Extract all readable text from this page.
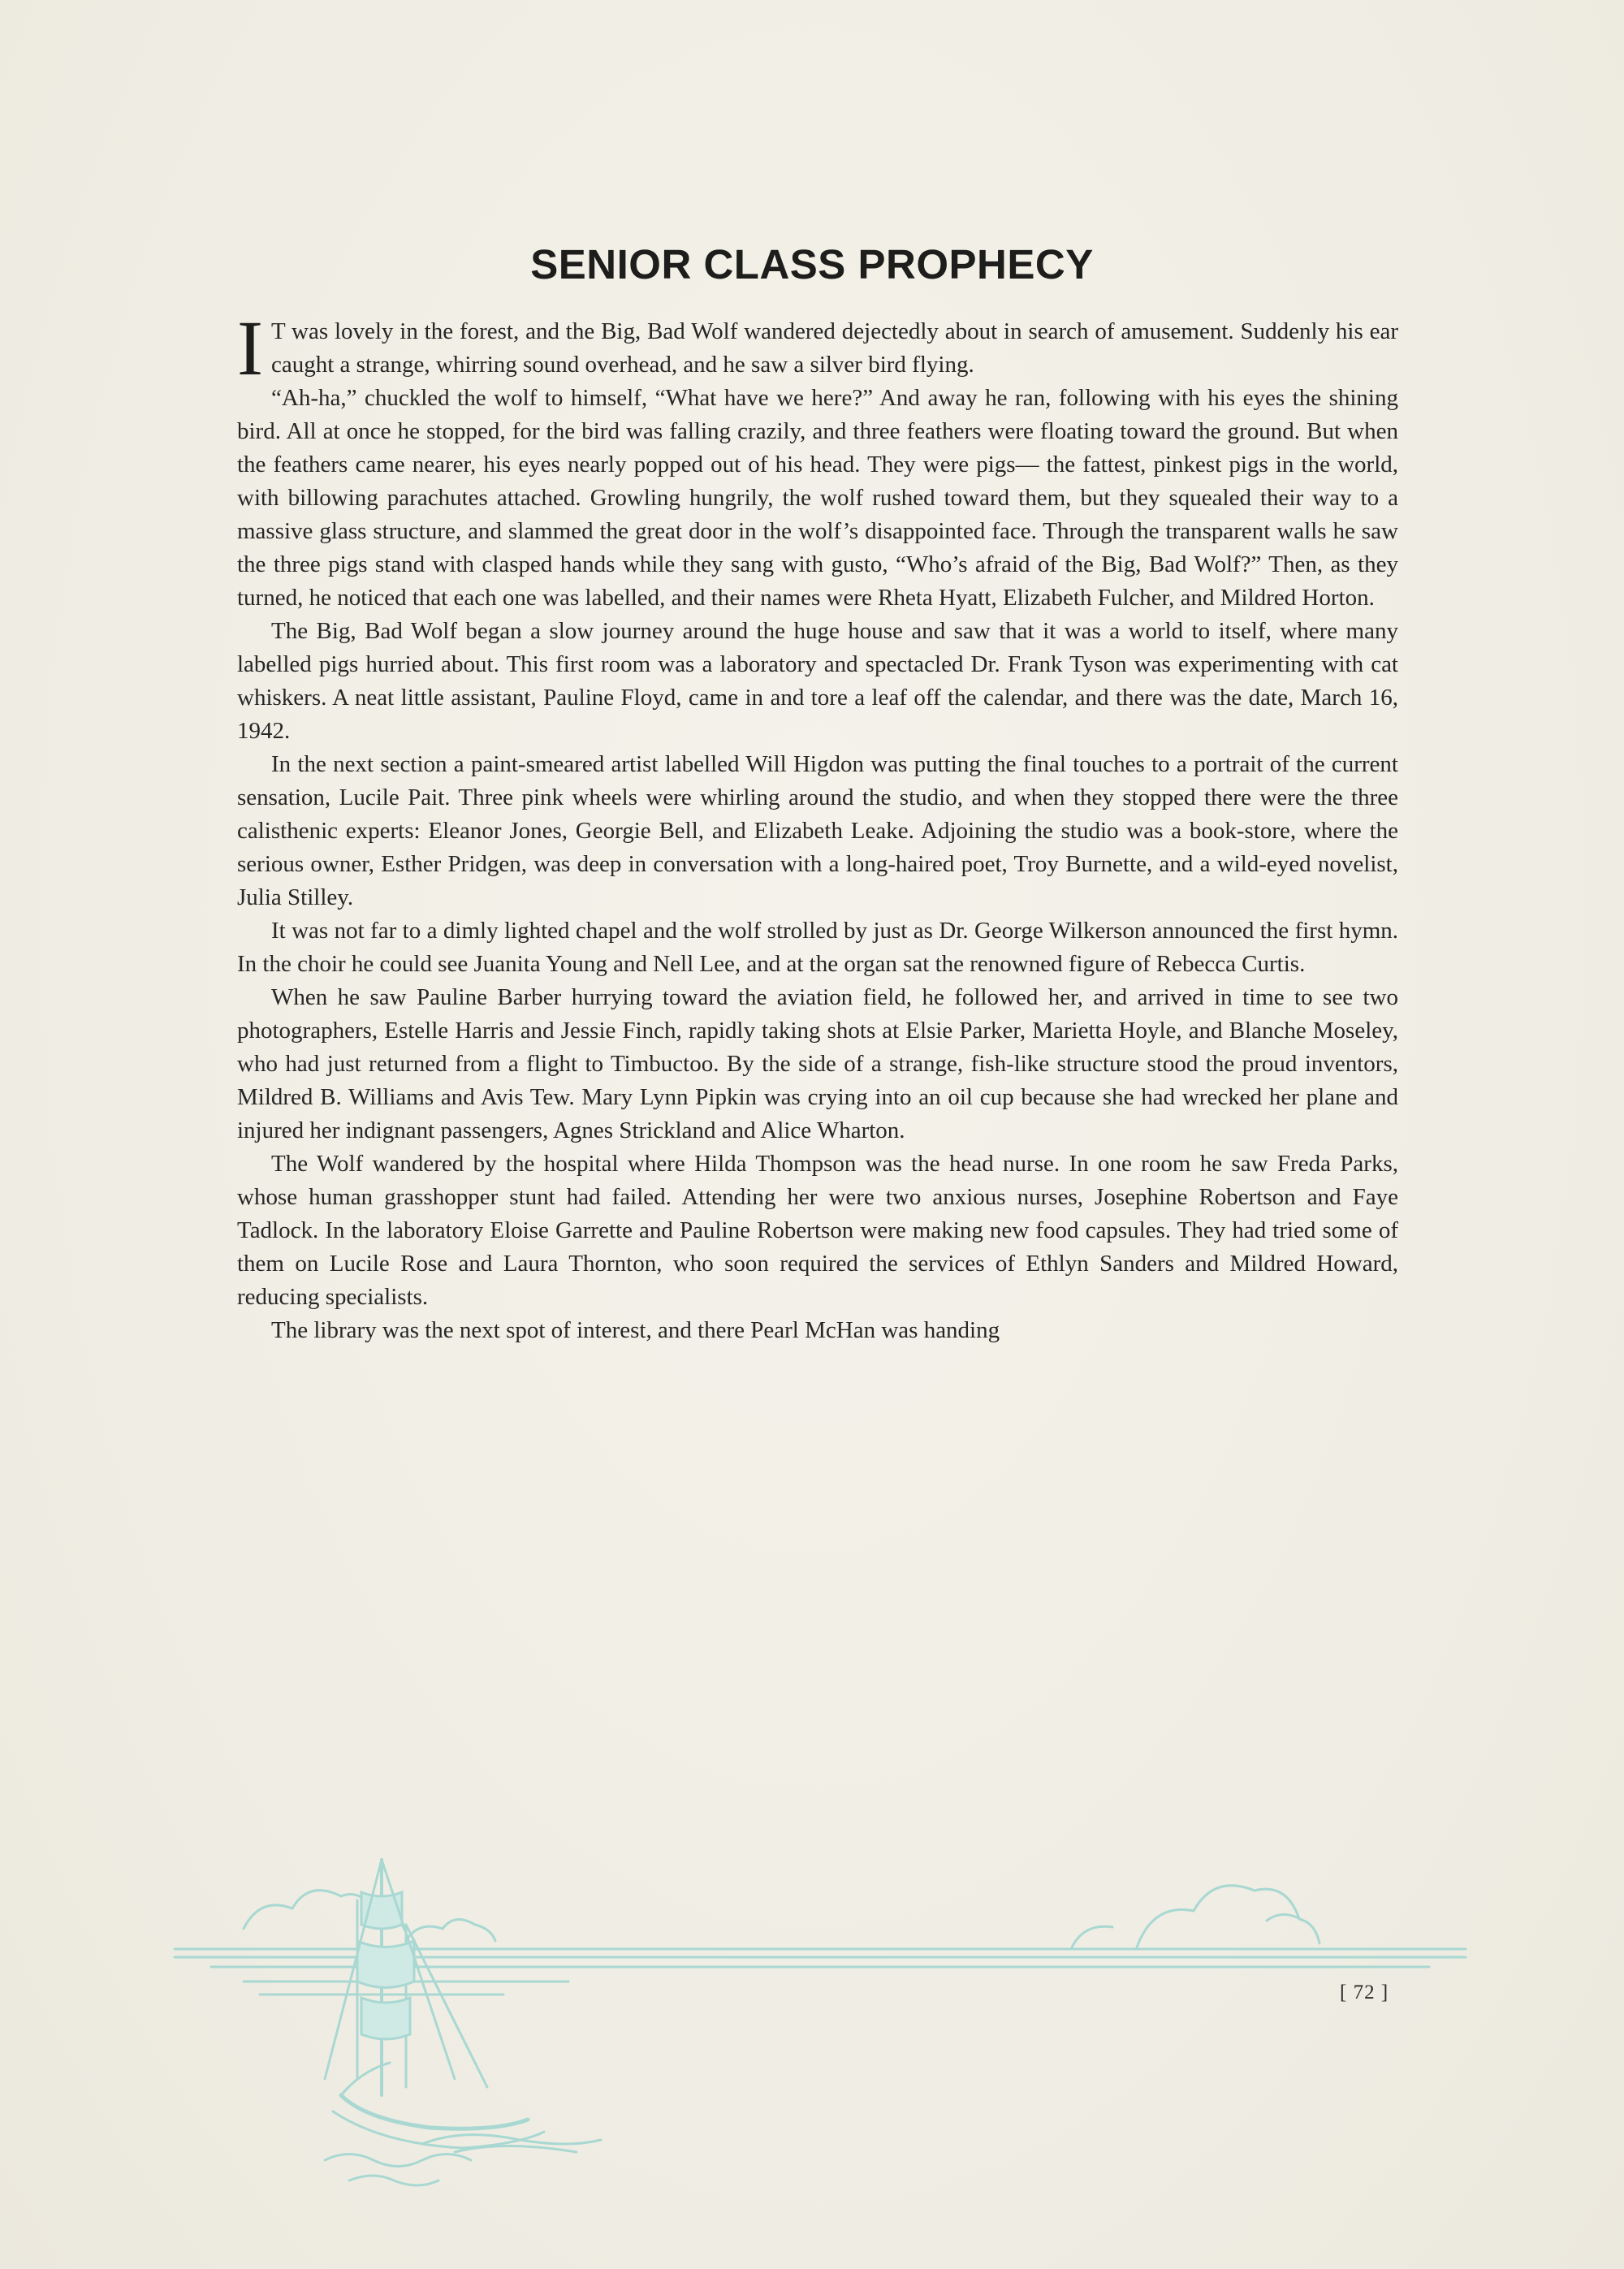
SENIOR CLASS PROPHECY

I T was lovely in the forest, and the Big, Bad Wolf wandered dejectedly about in search of amusement. Suddenly his ear caught a strange, whirring sound overhead, and he saw a silver bird flying.

“Ah-ha,” chuckled the wolf to himself, “What have we here?” And away he ran, following with his eyes the shining bird. All at once he stopped, for the bird was falling crazily, and three feathers were floating toward the ground. But when the feathers came nearer, his eyes nearly popped out of his head. They were pigs— the fattest, pinkest pigs in the world, with billowing parachutes attached. Growling hungrily, the wolf rushed toward them, but they squealed their way to a massive glass structure, and slammed the great door in the wolf’s disappointed face. Through the transparent walls he saw the three pigs stand with clasped hands while they sang with gusto, “Who’s afraid of the Big, Bad Wolf?” Then, as they turned, he noticed that each one was labelled, and their names were Rheta Hyatt, Elizabeth Fulcher, and Mildred Horton.

The Big, Bad Wolf began a slow journey around the huge house and saw that it was a world to itself, where many labelled pigs hurried about. This first room was a laboratory and spectacled Dr. Frank Tyson was experimenting with cat whiskers. A neat little assistant, Pauline Floyd, came in and tore a leaf off the calendar, and there was the date, March 16, 1942.

In the next section a paint-smeared artist labelled Will Higdon was putting the final touches to a portrait of the current sensation, Lucile Pait. Three pink wheels were whirling around the studio, and when they stopped there were the three calisthenic experts: Eleanor Jones, Georgie Bell, and Elizabeth Leake. Adjoining the studio was a book-store, where the serious owner, Esther Pridgen, was deep in conversation with a long-haired poet, Troy Burnette, and a wild-eyed novelist, Julia Stilley.

It was not far to a dimly lighted chapel and the wolf strolled by just as Dr. George Wilkerson announced the first hymn. In the choir he could see Juanita Young and Nell Lee, and at the organ sat the renowned figure of Rebecca Curtis.

When he saw Pauline Barber hurrying toward the aviation field, he followed her, and arrived in time to see two photographers, Estelle Harris and Jessie Finch, rapidly taking shots at Elsie Parker, Marietta Hoyle, and Blanche Moseley, who had just returned from a flight to Timbuctoo. By the side of a strange, fish-like structure stood the proud inventors, Mildred B. Williams and Avis Tew. Mary Lynn Pipkin was crying into an oil cup because she had wrecked her plane and injured her indignant passengers, Agnes Strickland and Alice Wharton.

The Wolf wandered by the hospital where Hilda Thompson was the head nurse. In one room he saw Freda Parks, whose human grasshopper stunt had failed. Attending her were two anxious nurses, Josephine Robertson and Faye Tadlock. In the laboratory Eloise Garrette and Pauline Robertson were making new food capsules. They had tried some of them on Lucile Rose and Laura Thornton, who soon required the services of Ethlyn Sanders and Mildred Howard, reducing specialists.

The library was the next spot of interest, and there Pearl McHan was handing

[ 72 ]
